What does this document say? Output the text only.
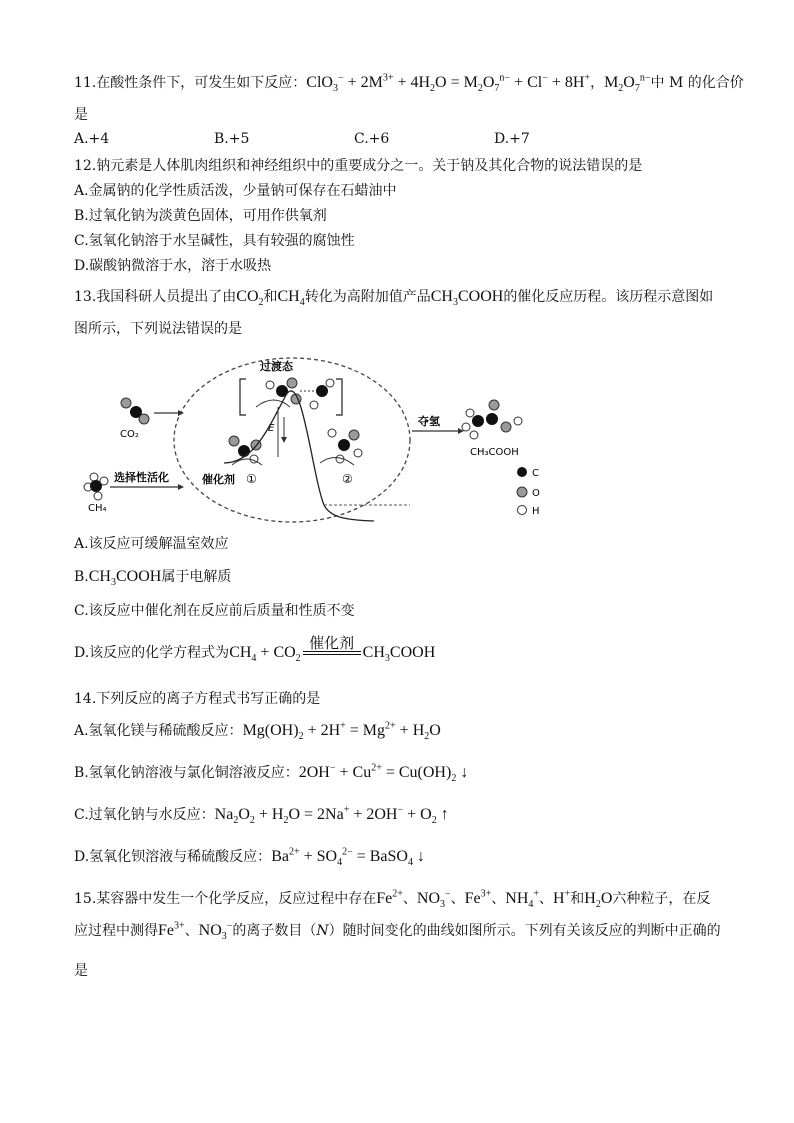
11.在酸性条件下，可发生如下反应：$ClO_3^- + 2M^{3+} + 4H_2O = M_2O_7^{n-} + Cl^- + 8H^+$，$M_2O_7^{n-}$中 M 的化合价
是
A.+4	B.+5	C.+6	D.+7
12.钠元素是人体肌肉组织和神经组织中的重要成分之一。关于钠及其化合物的说法错误的是
A.金属钠的化学性质活泼，少量钠可保存在石蜡油中
B.过氧化钠为淡黄色固体，可用作供氧剂
C.氢氧化钠溶于水呈碱性，具有较强的腐蚀性
D.碳酸钠微溶于水，溶于水吸热
13.我国科研人员提出了由$CO_2$和$CH_4$转化为高附加值产品$CH_3COOH$的催化反应历程。该历程示意图如
图所示，下列说法错误的是
CO₂
CH₄
选择性活化
过渡态
催化剂 ①
E
②
夺氢
CH₃COOH
C
O
H
A.该反应可缓解温室效应
$B.CH_3COOH$属于电解质
C.该反应中催化剂在反应前后质量和性质不变
D.该反应的化学方程式为$CH_4 + CO_2$
催化剂
$CH_3COOH$
14.下列反应的离子方程式书写正确的是
A.氢氧化镁与稀硫酸反应：$Mg(OH)_2 + 2H^+ = Mg^{2+} + H_2O$
B.氢氧化钠溶液与氯化铜溶液反应：$2OH^- + Cu^{2+} = Cu(OH)_2$ ↓
C.过氧化钠与水反应：$Na_2O_2 + H_2O = 2Na^+ + 2OH^- + O_2$ ↑
D.氢氧化钡溶液与稀硫酸反应：$Ba^{2+} + SO_4^{2-}$ = BaSO$_4$ ↓
15.某容器中发生一个化学反应，反应过程中存在$Fe^{2+}$、$NO_3^-$、$Fe^{3+}$、$NH_4^+$、H+和$H_2O$六种粒子，在反
应过程中测得$Fe^{3+}$、$NO_3^-$的离子数目（N）随时间变化的曲线如图所示。下列有关该反应的判断中正确的
是
